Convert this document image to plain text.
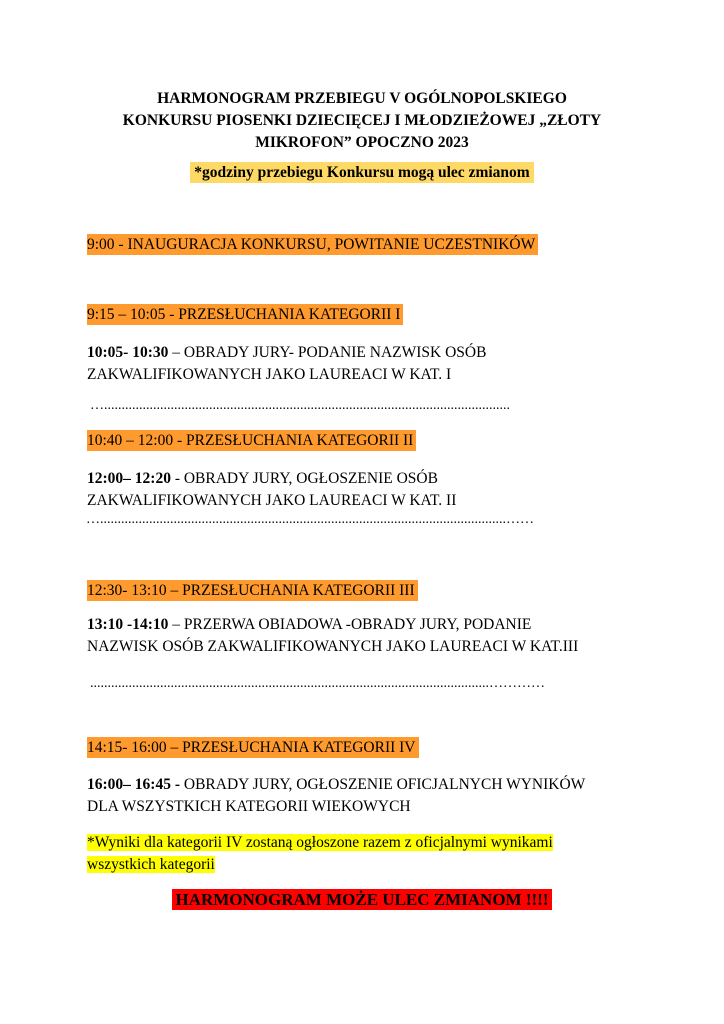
HARMONOGRAM PRZEBIEGU V OGÓLNOPOLSKIEGO
KONKURSU PIOSENKI DZIECIĘCEJ I MŁODZIEŻOWEJ „ZŁOTY
MIKROFON” OPOCZNO 2023
*godziny przebiegu Konkursu mogą ulec zmianom
9:00 - INAUGURACJA KONKURSU, POWITANIE UCZESTNIKÓW
9:15 – 10:05 - PRZESŁUCHANIA KATEGORII I
10:05- 10:30 – OBRADY JURY- PODANIE NAZWISK OSÓB
ZAKWALIFIKOWANYCH JAKO LAUREACI W KAT. I
…....................................................................................................................
10:40 – 12:00 - PRZESŁUCHANIA KATEGORII II
12:00– 12:20 - OBRADY JURY, OGŁOSZENIE OSÓB
ZAKWALIFIKOWANYCH JAKO LAUREACI W KAT. II
…....................................................................................................................……
12:30- 13:10 – PRZESŁUCHANIA KATEGORII III
13:10 -14:10 – PRZERWA OBIADOWA -OBRADY JURY, PODANIE
NAZWISK OSÓB ZAKWALIFIKOWANYCH JAKO LAUREACI W KAT.III
..................................................................................................................…………
14:15- 16:00 – PRZESŁUCHANIA KATEGORII IV
16:00– 16:45 - OBRADY JURY, OGŁOSZENIE OFICJALNYCH WYNIKÓW
DLA WSZYSTKICH KATEGORII WIEKOWYCH
*Wyniki dla kategorii IV zostaną ogłoszone razem z oficjalnymi wynikami
wszystkich kategorii
HARMONOGRAM MOŻE ULEC ZMIANOM !!!!
